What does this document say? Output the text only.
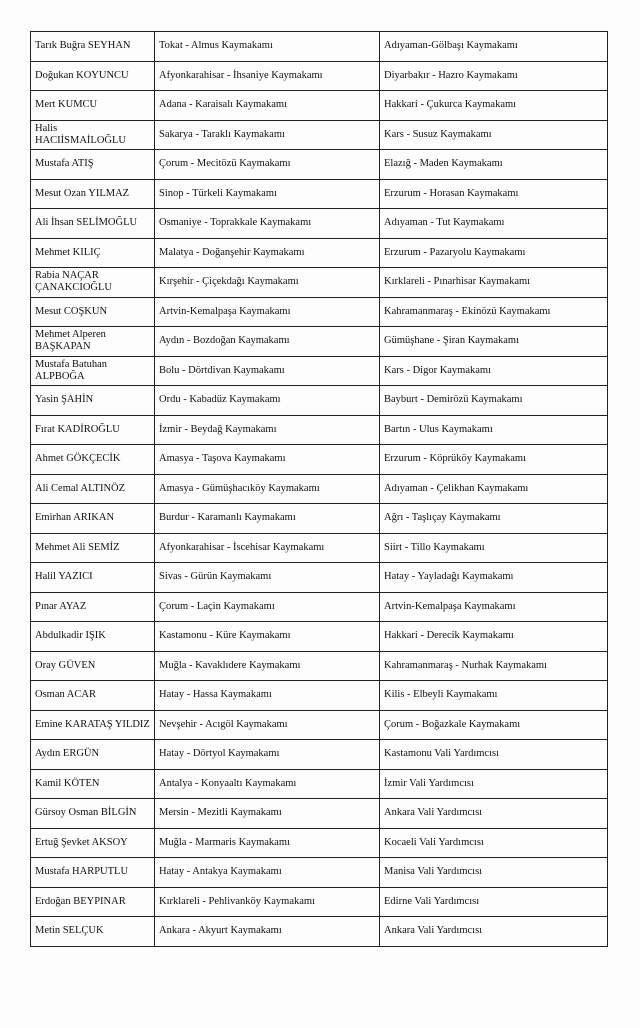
Tarık Buğra SEYHAN	Tokat - Almus Kaymakamı	Adıyaman-Gölbaşı Kaymakamı
Doğukan KOYUNCU	Afyonkarahisar - İhsaniye Kaymakamı	Diyarbakır - Hazro Kaymakamı
Mert KUMCU	Adana - Karaisalı Kaymakamı	Hakkari - Çukurca Kaymakamı
Halis HACIİSMAİLOĞLU	Sakarya - Taraklı Kaymakamı	Kars - Susuz Kaymakamı
Mustafa ATIŞ	Çorum - Mecitözü Kaymakamı	Elazığ - Maden Kaymakamı
Mesut Ozan YILMAZ	Sinop - Türkeli Kaymakamı	Erzurum - Horasan Kaymakamı
Ali İhsan SELİMOĞLU	Osmaniye - Toprakkale Kaymakamı	Adıyaman - Tut Kaymakamı
Mehmet KILIÇ	Malatya - Doğanşehir Kaymakamı	Erzurum - Pazaryolu Kaymakamı
Rabia NAÇAR ÇANAKCIOĞLU	Kırşehir - Çiçekdağı Kaymakamı	Kırklareli - Pınarhisar Kaymakamı
Mesut COŞKUN	Artvin-Kemalpaşa Kaymakamı	Kahramanmaraş - Ekinözü Kaymakamı
Mehmet Alperen BAŞKAPAN	Aydın - Bozdoğan Kaymakamı	Gümüşhane - Şiran Kaymakamı
Mustafa Batuhan ALPBOĞA	Bolu - Dörtdivan Kaymakamı	Kars - Digor Kaymakamı
Yasin ŞAHİN	Ordu - Kabadüz Kaymakamı	Bayburt - Demirözü Kaymakamı
Fırat KADİROĞLU	İzmir - Beydağ Kaymakamı	Bartın - Ulus Kaymakamı
Ahmet GÖKÇECİK	Amasya - Taşova Kaymakamı	Erzurum - Köprüköy Kaymakamı
Ali Cemal ALTINÖZ	Amasya - Gümüşhacıköy Kaymakamı	Adıyaman - Çelikhan Kaymakamı
Emirhan ARIKAN	Burdur - Karamanlı Kaymakamı	Ağrı - Taşlıçay Kaymakamı
Mehmet Ali SEMİZ	Afyonkarahisar - İscehisar Kaymakamı	Siirt - Tillo Kaymakamı
Halil YAZICI	Sivas - Gürün Kaymakamı	Hatay - Yayladağı Kaymakamı
Pınar AYAZ	Çorum - Laçin Kaymakamı	Artvin-Kemalpaşa Kaymakamı
Abdulkadir IŞIK	Kastamonu - Küre Kaymakamı	Hakkari - Derecik Kaymakamı
Oray GÜVEN	Muğla - Kavaklıdere Kaymakamı	Kahramanmaraş - Nurhak Kaymakamı
Osman ACAR	Hatay - Hassa Kaymakamı	Kilis - Elbeyli Kaymakamı
Emine KARATAŞ YILDIZ	Nevşehir - Acıgöl Kaymakamı	Çorum - Boğazkale Kaymakamı
Aydın ERGÜN	Hatay - Dörtyol Kaymakamı	Kastamonu Vali Yardımcısı
Kamil KÖTEN	Antalya - Konyaaltı Kaymakamı	İzmir Vali Yardımcısı
Gürsoy Osman BİLGİN	Mersin - Mezitli Kaymakamı	Ankara Vali Yardımcısı
Ertuğ Şevket AKSOY	Muğla - Marmaris Kaymakamı	Kocaeli Vali Yardımcısı
Mustafa HARPUTLU	Hatay - Antakya Kaymakamı	Manisa Vali Yardımcısı
Erdoğan BEYPINAR	Kırklareli - Pehlivanköy Kaymakamı	Edirne Vali Yardımcısı
Metin SELÇUK	Ankara - Akyurt Kaymakamı	Ankara Vali Yardımcısı
